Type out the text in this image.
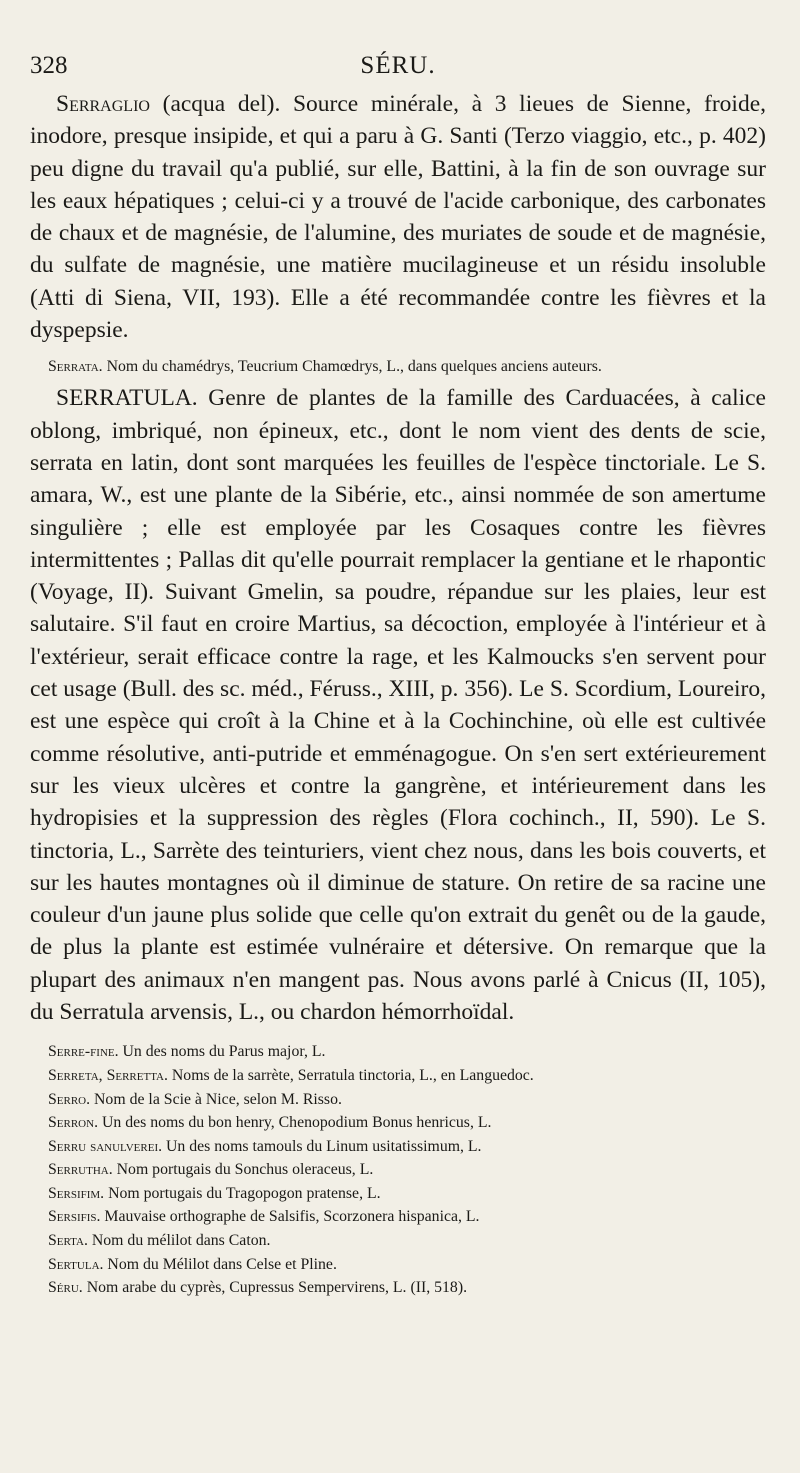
328	SÉRU.

Serraglio (acqua del). Source minérale, à 3 lieues de Sienne, froide, inodore, presque insipide, et qui a paru à G. Santi (Terzo viaggio, etc., p. 402) peu digne du travail qu'a publié, sur elle, Battini, à la fin de son ouvrage sur les eaux hépatiques ; celui-ci y a trouvé de l'acide carbonique, des carbonates de chaux et de magnésie, de l'alumine, des muriates de soude et de magnésie, du sulfate de magnésie, une matière mucilagineuse et un résidu insoluble (Atti di Siena, VII, 193). Elle a été recommandée contre les fièvres et la dyspepsie.

Serrata. Nom du chamédrys, Teucrium Chamœdrys, L., dans quelques anciens auteurs.

SERRATULA. Genre de plantes de la famille des Carduacées, à calice oblong, imbriqué, non épineux, etc., dont le nom vient des dents de scie, serrata en latin, dont sont marquées les feuilles de l'espèce tinctoriale. Le S. amara, W., est une plante de la Sibérie, etc., ainsi nommée de son amertume singulière ; elle est employée par les Cosaques contre les fièvres intermittentes ; Pallas dit qu'elle pourrait remplacer la gentiane et le rhapontic (Voyage, II). Suivant Gmelin, sa poudre, répandue sur les plaies, leur est salutaire. S'il faut en croire Martius, sa décoction, employée à l'intérieur et à l'extérieur, serait efficace contre la rage, et les Kalmoucks s'en servent pour cet usage (Bull. des sc. méd., Féruss., XIII, p. 356). Le S. Scordium, Loureiro, est une espèce qui croît à la Chine et à la Cochinchine, où elle est cultivée comme résolutive, anti-putride et emménagogue. On s'en sert extérieurement sur les vieux ulcères et contre la gangrène, et intérieurement dans les hydropisies et la suppression des règles (Flora cochinch., II, 590). Le S. tinctoria, L., Sarrète des teinturiers, vient chez nous, dans les bois couverts, et sur les hautes montagnes où il diminue de stature. On retire de sa racine une couleur d'un jaune plus solide que celle qu'on extrait du genêt ou de la gaude, de plus la plante est estimée vulnéraire et détersive. On remarque que la plupart des animaux n'en mangent pas. Nous avons parlé à Cnicus (II, 105), du Serratula arvensis, L., ou chardon hémorrhoïdal.

Serre-fine. Un des noms du Parus major, L.

Serreta, Serretta. Noms de la sarrète, Serratula tinctoria, L., en Languedoc.

Serro. Nom de la Scie à Nice, selon M. Risso.

Serron. Un des noms du bon henry, Chenopodium Bonus henricus, L.

Serru sanulverei. Un des noms tamouls du Linum usitatissimum, L.

Serrutha. Nom portugais du Sonchus oleraceus, L.

Sersifim. Nom portugais du Tragopogon pratense, L.

Sersifis. Mauvaise orthographe de Salsifis, Scorzonera hispanica, L.

Serta. Nom du mélilot dans Caton.

Sertula. Nom du Mélilot dans Celse et Pline.

Séru. Nom arabe du cyprès, Cupressus Sempervirens, L. (II, 518).
